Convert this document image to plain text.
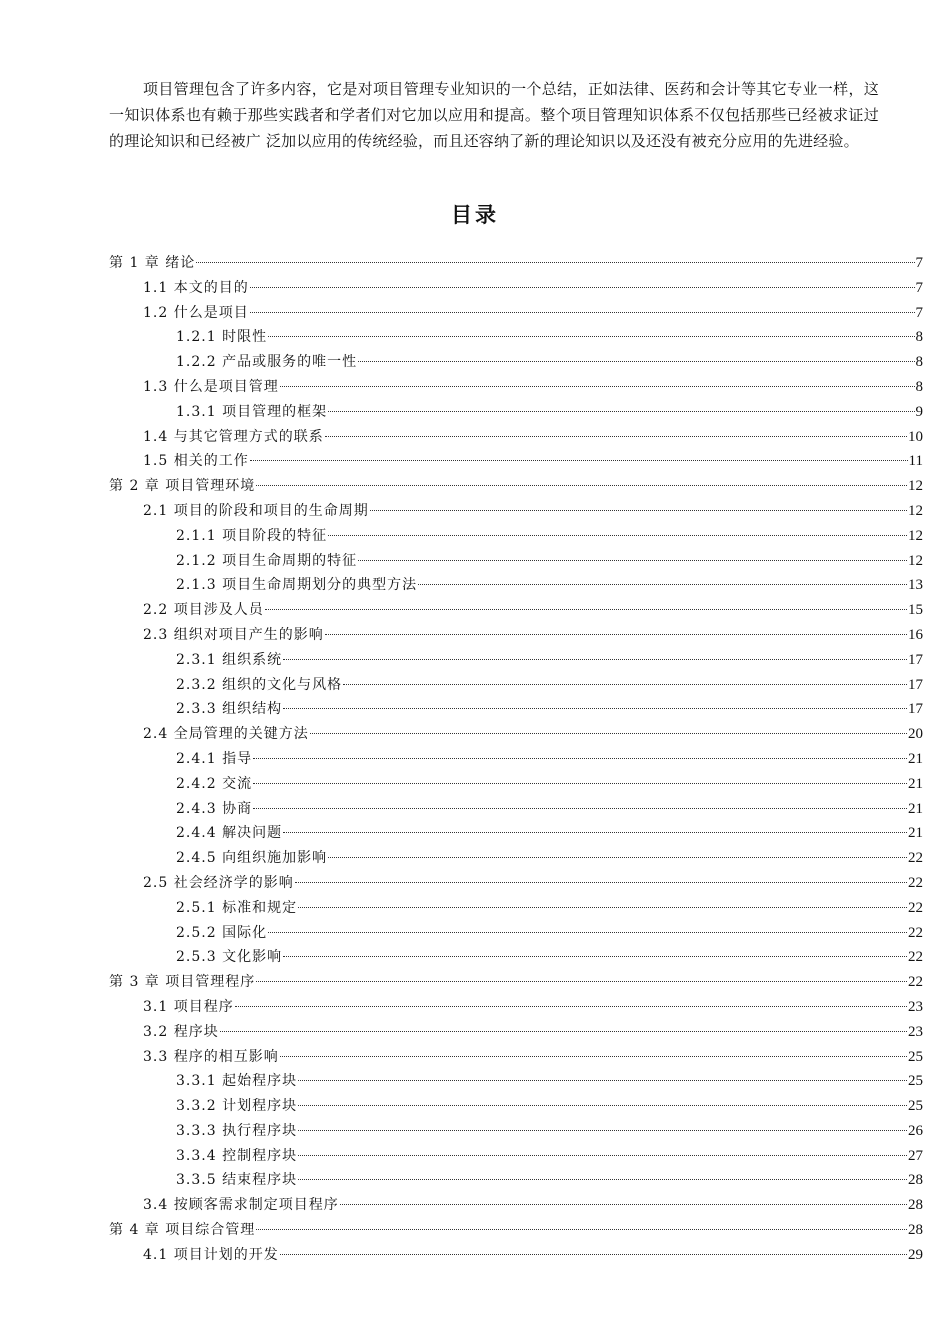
项目管理包含了许多内容，它是对项目管理专业知识的一个总结，正如法律、医药和会计等其它专业一样，这一知识体系也有赖于那些实践者和学者们对它加以应用和提高。整个项目管理知识体系不仅包括那些已经被求证过的理论知识和已经被广 泛加以应用的传统经验，而且还容纳了新的理论知识以及还没有被充分应用的先进经验。

目录
第 1 章 绪论	7
1.1 本文的目的	7
1.2 什么是项目	7
1.2.1 时限性	8
1.2.2 产品或服务的唯一性	8
1.3 什么是项目管理	8
1.3.1 项目管理的框架	9
1.4 与其它管理方式的联系	10
1.5 相关的工作	11
第 2 章 项目管理环境	12
2.1 项目的阶段和项目的生命周期	12
2.1.1 项目阶段的特征	12
2.1.2 项目生命周期的特征	12
2.1.3 项目生命周期划分的典型方法	13
2.2 项目涉及人员	15
2.3 组织对项目产生的影响	16
2.3.1 组织系统	17
2.3.2 组织的文化与风格	17
2.3.3 组织结构	17
2.4 全局管理的关键方法	20
2.4.1 指导	21
2.4.2 交流	21
2.4.3 协商	21
2.4.4 解决问题	21
2.4.5 向组织施加影响	22
2.5 社会经济学的影响	22
2.5.1 标准和规定	22
2.5.2 国际化	22
2.5.3 文化影响	22
第 3 章 项目管理程序	22
3.1 项目程序	23
3.2 程序块	23
3.3 程序的相互影响	25
3.3.1 起始程序块	25
3.3.2 计划程序块	25
3.3.3 执行程序块	26
3.3.4 控制程序块	27
3.3.5 结束程序块	28
3.4 按顾客需求制定项目程序	28
第 4 章 项目综合管理	28
4.1 项目计划的开发	29
